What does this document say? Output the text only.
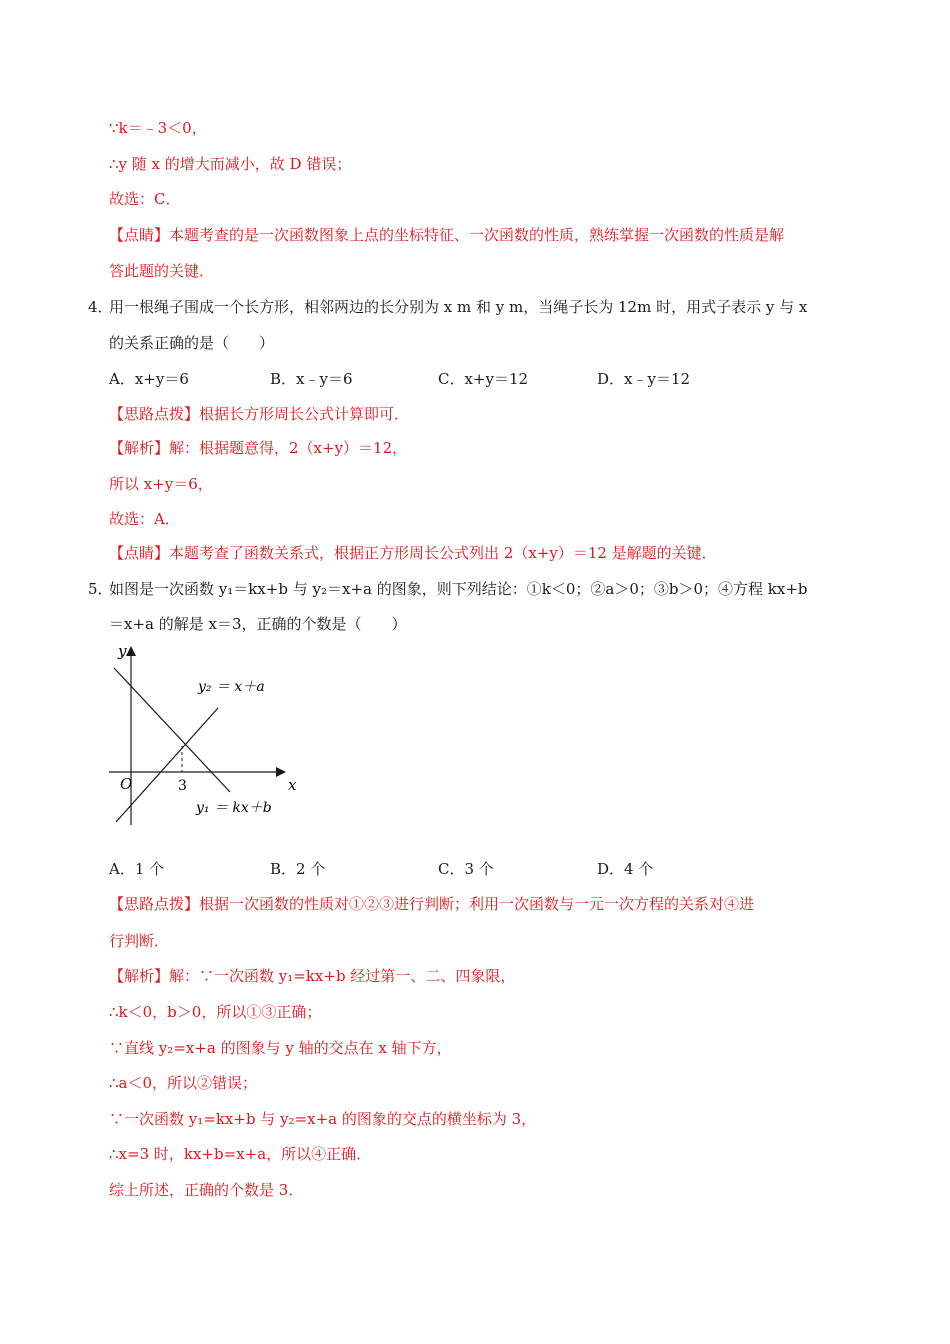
∵k＝﹣3＜0，
∴y 随 x 的增大而减小，故 D 错误；
故选：C．
【点睛】本题考查的是一次函数图象上点的坐标特征、一次函数的性质，熟练掌握一次函数的性质是解
答此题的关键．
4．
用一根绳子围成一个长方形，相邻两边的长分别为 x m 和 y m，当绳子长为 12m 时，用式子表示 y 与 x
的关系正确的是（　　）
A．x+y＝6	B．x﹣y＝6	C．x+y＝12	D．x﹣y＝12
【思路点拨】根据长方形周长公式计算即可．
【解析】解：根据题意得，2（x+y）＝12，
所以 x+y＝6，
故选：A．
【点睛】本题考查了函数关系式，根据正方形周长公式列出 2（x+y）＝12 是解题的关键．
5．
如图是一次函数 y₁＝kx+b 与 y₂＝x+a 的图象，则下列结论：①k＜0；②a＞0；③b＞0；④方程 kx+b
＝x+a 的解是 x＝3，正确的个数是（　　）
y
x
O	3
y₂ ＝ x＋a
y₁ ＝ kx＋b
A．1 个	B．2 个	C．3 个	D．4 个
【思路点拨】根据一次函数的性质对①②③进行判断；利用一次函数与一元一次方程的关系对④进
行判断．
【解析】解：∵一次函数 y₁=kx+b 经过第一、二、四象限，
∴k＜0，b＞0，所以①③正确；
∵直线 y₂=x+a 的图象与 y 轴的交点在 x 轴下方，
∴a＜0，所以②错误；
∵一次函数 y₁=kx+b 与 y₂=x+a 的图象的交点的横坐标为 3，
∴x=3 时，kx+b=x+a，所以④正确．
综上所述，正确的个数是 3．
